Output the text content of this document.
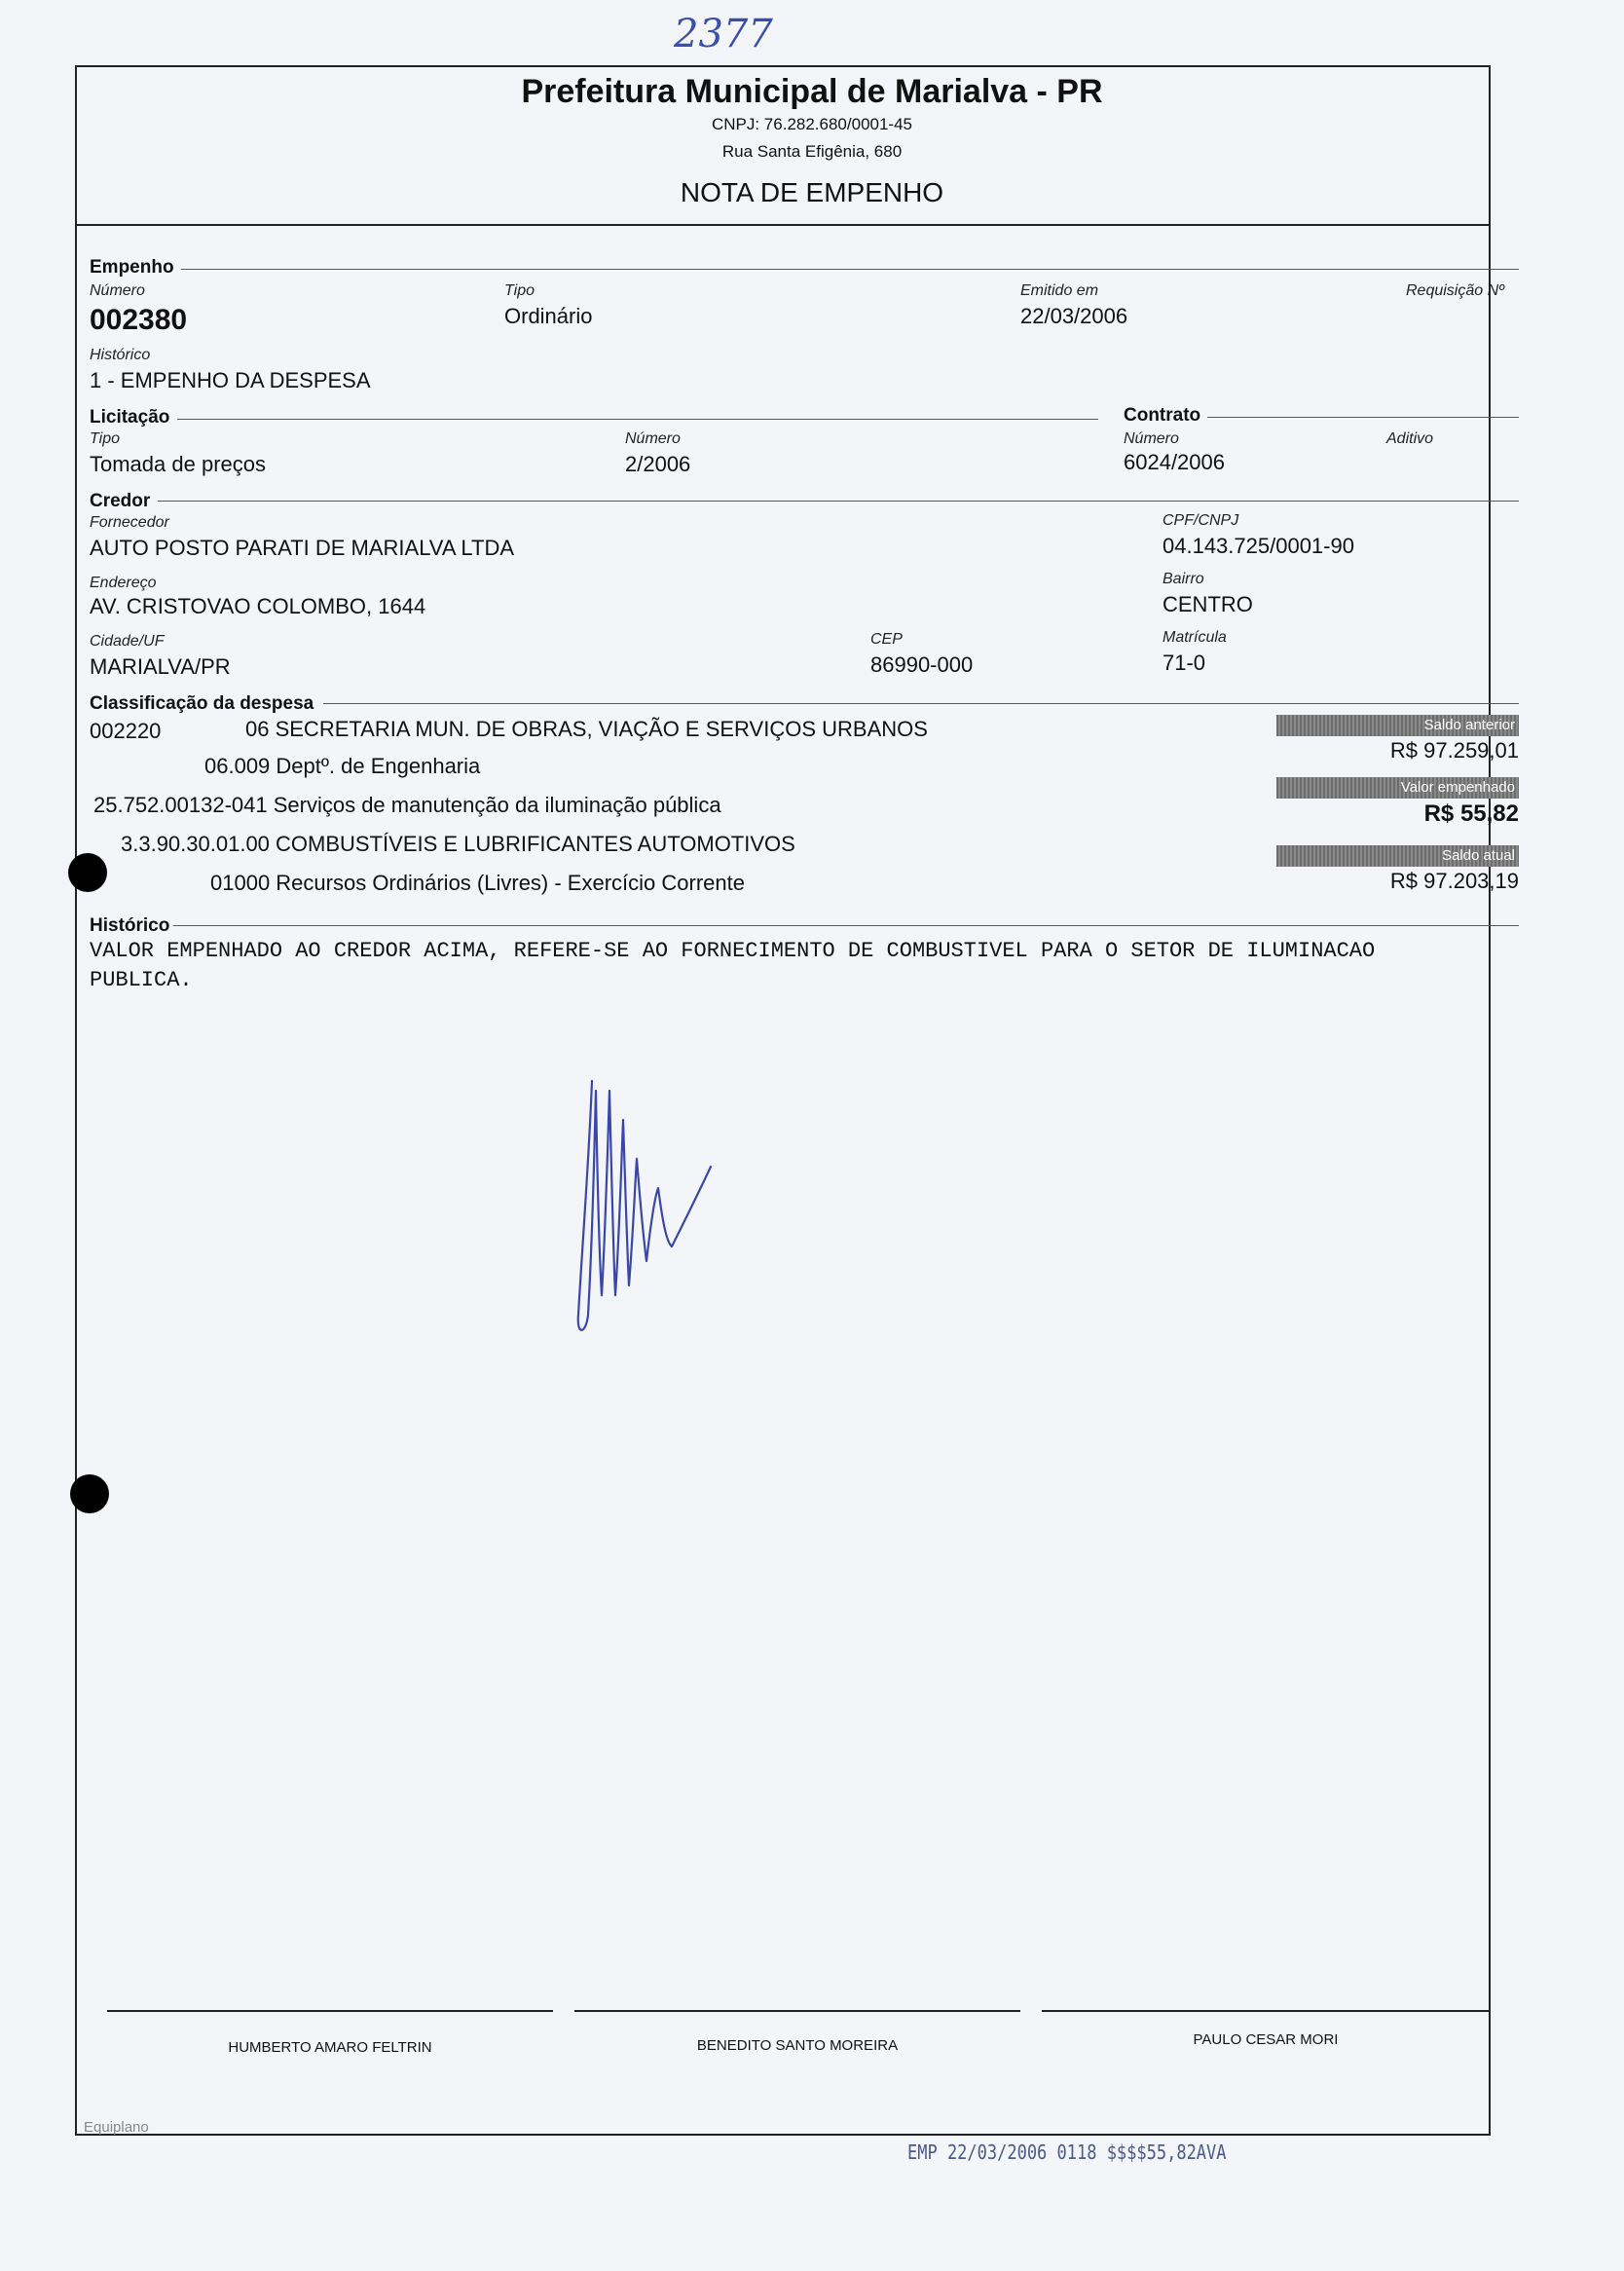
2377
Prefeitura Municipal de Marialva - PR
CNPJ: 76.282.680/0001-45
Rua Santa Efigênia, 680
NOTA DE EMPENHO
Empenho
Número
002380
Tipo
Ordinário
Emitido em
22/03/2006
Requisição Nº
Histórico
1 - EMPENHO DA DESPESA
Licitação	Contrato
Tipo
Tomada de preços
Número
2/2006
Número
6024/2006
Aditivo
Credor
Fornecedor
AUTO POSTO PARATI DE MARIALVA LTDA
CPF/CNPJ
04.143.725/0001-90
Endereço
AV. CRISTOVAO COLOMBO, 1644
Bairro
CENTRO
Cidade/UF
MARIALVA/PR
CEP
86990-000
Matrícula
71-0
Classificação da despesa
002220	06 SECRETARIA MUN. DE OBRAS, VIAÇÃO E SERVIÇOS URBANOS
06.009 Deptº. de Engenharia
25.752.00132-041 Serviços de manutenção da iluminação pública
3.3.90.30.01.00 COMBUSTÍVEIS E LUBRIFICANTES AUTOMOTIVOS
01000 Recursos Ordinários (Livres) - Exercício Corrente
Saldo anterior
R$ 97.259,01
Valor empenhado
R$ 55,82
Saldo atual
R$ 97.203,19
Histórico
VALOR EMPENHADO AO CREDOR ACIMA, REFERE-SE AO FORNECIMENTO DE COMBUSTIVEL PARA O SETOR DE ILUMINACAO
PUBLICA.
HUMBERTO AMARO FELTRIN	BENEDITO SANTO MOREIRA	PAULO CESAR MORI
Equiplano
EMP 22/03/2006 0118 $$$$55,82AVA
